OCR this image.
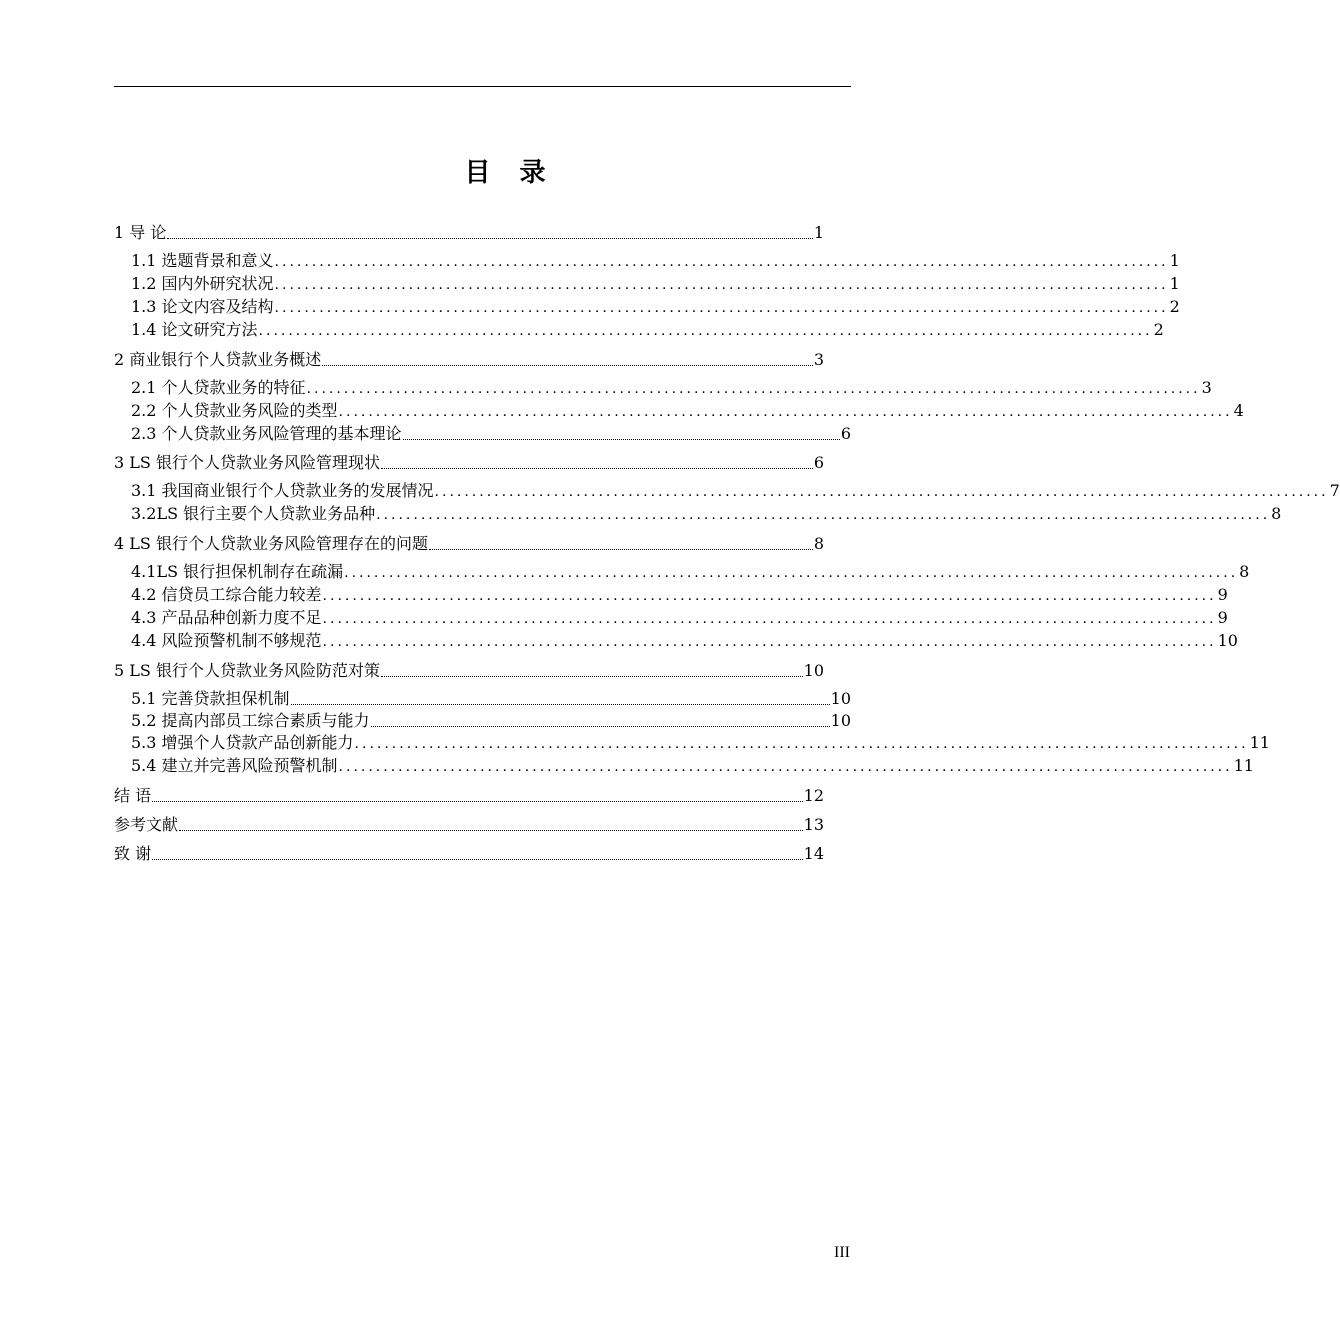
目 录
1 导 论	1
1.1 选题背景和意义 ........................................................................................................................ 1
1.2 国内外研究状况 ........................................................................................................................ 1
1.3 论文内容及结构 ........................................................................................................................ 2
1.4 论文研究方法 ........................................................................................................................ 2
2 商业银行个人贷款业务概述	3
2.1 个人贷款业务的特征 ........................................................................................................................ 3
2.2 个人贷款业务风险的类型 ........................................................................................................................ 4
2.3 个人贷款业务风险管理的基本理论	6
3 LS 银行个人贷款业务风险管理现状	6
3.1 我国商业银行个人贷款业务的发展情况 ........................................................................................................................ 7
3.2LS 银行主要个人贷款业务品种 ........................................................................................................................ 8
4 LS 银行个人贷款业务风险管理存在的问题	8
4.1LS 银行担保机制存在疏漏 ........................................................................................................................ 8
4.2 信贷员工综合能力较差 ........................................................................................................................ 9
4.3 产品品种创新力度不足 ........................................................................................................................ 9
4.4 风险预警机制不够规范 ........................................................................................................................ 10
5 LS 银行个人贷款业务风险防范对策	10
5.1 完善贷款担保机制	10
5.2 提高内部员工综合素质与能力	10
5.3 增强个人贷款产品创新能力 ........................................................................................................................ 11
5.4 建立并完善风险预警机制 ........................................................................................................................ 11
结 语	12
参考文献	13
致 谢	14
III
